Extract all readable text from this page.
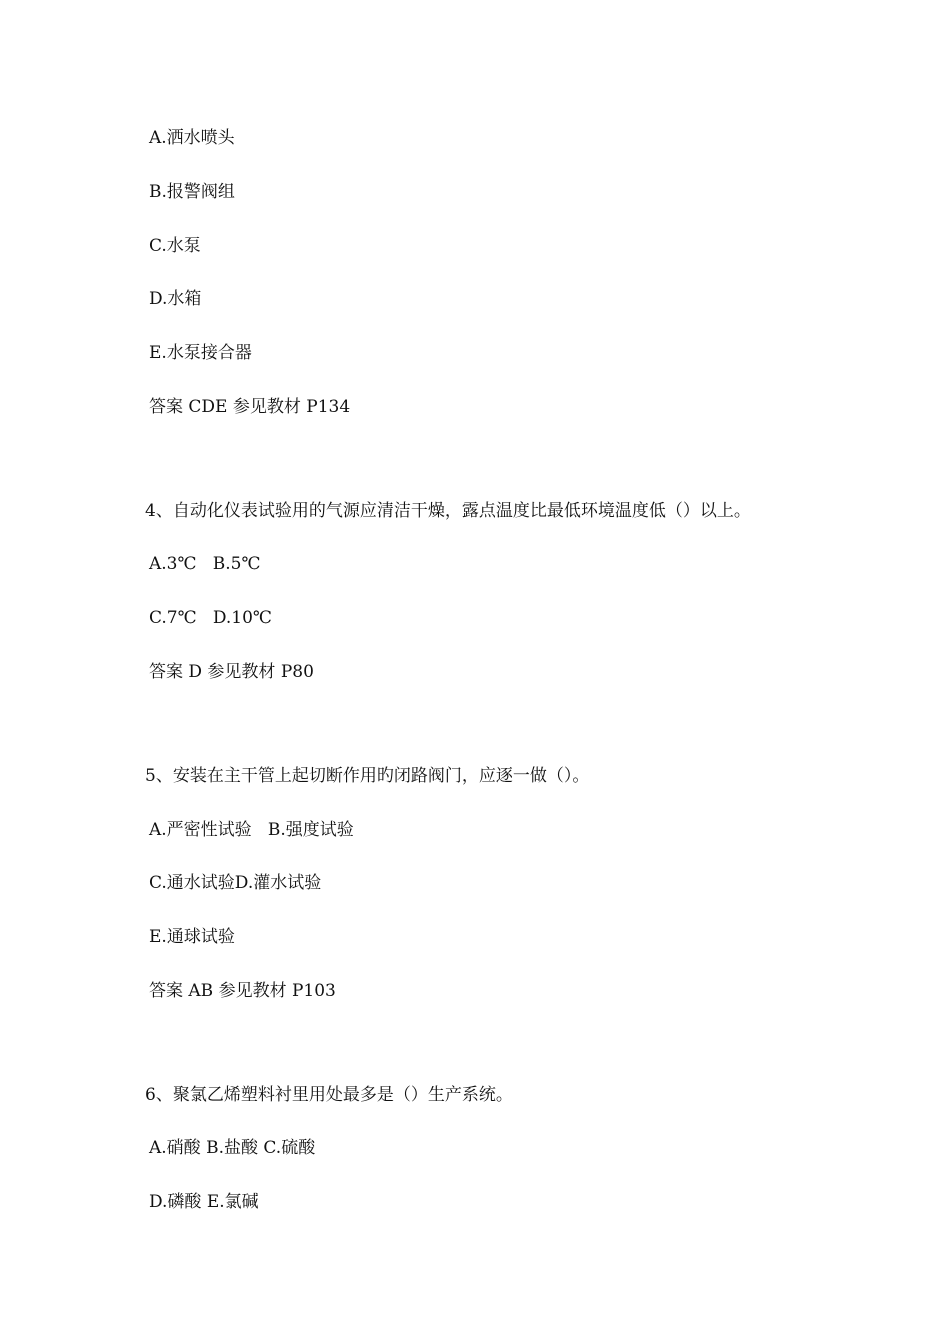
A.洒水喷头
B.报警阀组
C.水泵
D.水箱
E.水泵接合器
答案 CDE 参见教材 P134
4、自动化仪表试验用的气源应清洁干燥，露点温度比最低环境温度低（）以上。
A.3℃   B.5℃
C.7℃   D.10℃
答案 D 参见教材 P80
5、安装在主干管上起切断作用旳闭路阀门，应逐一做（）。
A.严密性试验   B.强度试验
C.通水试验D.灌水试验
E.通球试验
答案 AB 参见教材 P103
6、聚氯乙烯塑料衬里用处最多是（）生产系统。
A.硝酸 B.盐酸 C.硫酸
D.磷酸 E.氯碱
